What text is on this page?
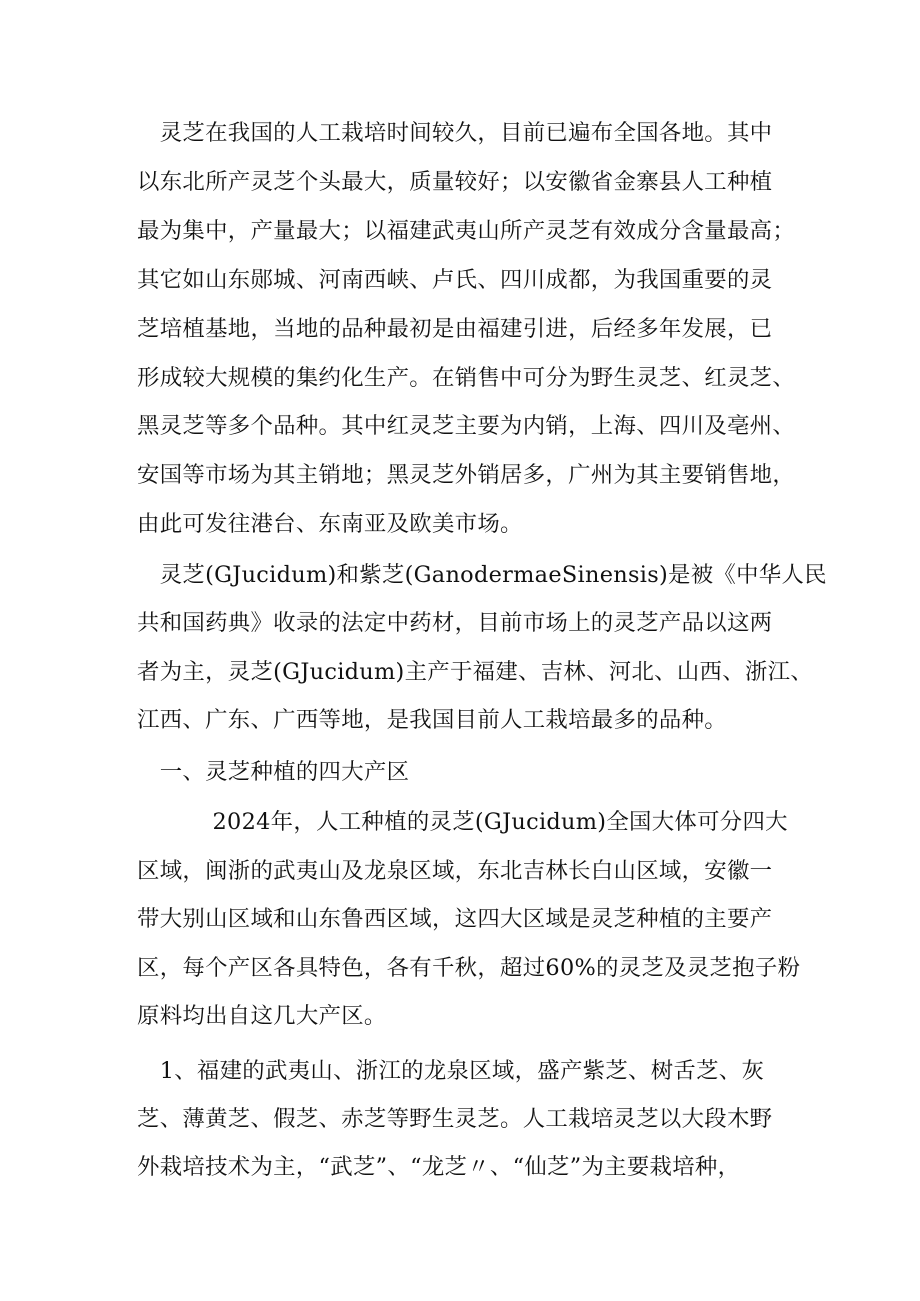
　灵芝在我国的人工栽培时间较久，目前已遍布全国各地。其中
以东北所产灵芝个头最大，质量较好；以安徽省金寨县人工种植
最为集中，产量最大；以福建武夷山所产灵芝有效成分含量最高；
其它如山东郧城、河南西峡、卢氏、四川成都，为我国重要的灵
芝培植基地，当地的品种最初是由福建引进，后经多年发展，已
形成较大规模的集约化生产。在销售中可分为野生灵芝、红灵芝、
黑灵芝等多个品种。其中红灵芝主要为内销，上海、四川及亳州、
安国等市场为其主销地；黑灵芝外销居多，广州为其主要销售地，
由此可发往港台、东南亚及欧美市场。
　灵芝(GJucidum)和紫芝(GanodermaeSinensis)是被《中华人民
共和国药典》收录的法定中药材，目前市场上的灵芝产品以这两
者为主，灵芝(GJucidum)主产于福建、吉林、河北、山西、浙江、
江西、广东、广西等地，是我国目前人工栽培最多的品种。
　一、灵芝种植的四大产区
　　　 2024年，人工种植的灵芝(GJucidum)全国大体可分四大
区域，闽浙的武夷山及龙泉区域，东北吉林长白山区域，安徽一
带大别山区域和山东鲁西区域，这四大区域是灵芝种植的主要产
区，每个产区各具特色，各有千秋，超过60%的灵芝及灵芝抱子粉
原料均出自这几大产区。
　1、福建的武夷山、浙江的龙泉区域，盛产紫芝、树舌芝、灰
芝、薄黄芝、假芝、赤芝等野生灵芝。人工栽培灵芝以大段木野
外栽培技术为主，“武芝”、“龙芝〃、“仙芝”为主要栽培种，
